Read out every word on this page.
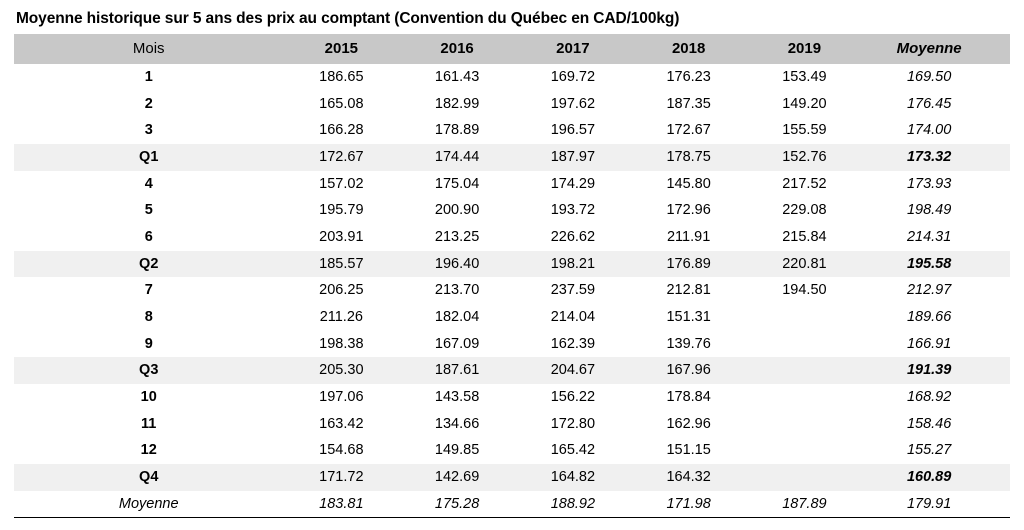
Moyenne historique sur 5 ans des prix au comptant (Convention du Québec en CAD/100kg)
Mois	2015	2016	2017	2018	2019	Moyenne
1	186.65	161.43	169.72	176.23	153.49	169.50
2	165.08	182.99	197.62	187.35	149.20	176.45
3	166.28	178.89	196.57	172.67	155.59	174.00
Q1	172.67	174.44	187.97	178.75	152.76	173.32
4	157.02	175.04	174.29	145.80	217.52	173.93
5	195.79	200.90	193.72	172.96	229.08	198.49
6	203.91	213.25	226.62	211.91	215.84	214.31
Q2	185.57	196.40	198.21	176.89	220.81	195.58
7	206.25	213.70	237.59	212.81	194.50	212.97
8	211.26	182.04	214.04	151.31		189.66
9	198.38	167.09	162.39	139.76		166.91
Q3	205.30	187.61	204.67	167.96		191.39
10	197.06	143.58	156.22	178.84		168.92
11	163.42	134.66	172.80	162.96		158.46
12	154.68	149.85	165.42	151.15		155.27
Q4	171.72	142.69	164.82	164.32		160.89
Moyenne	183.81	175.28	188.92	171.98	187.89	179.91
